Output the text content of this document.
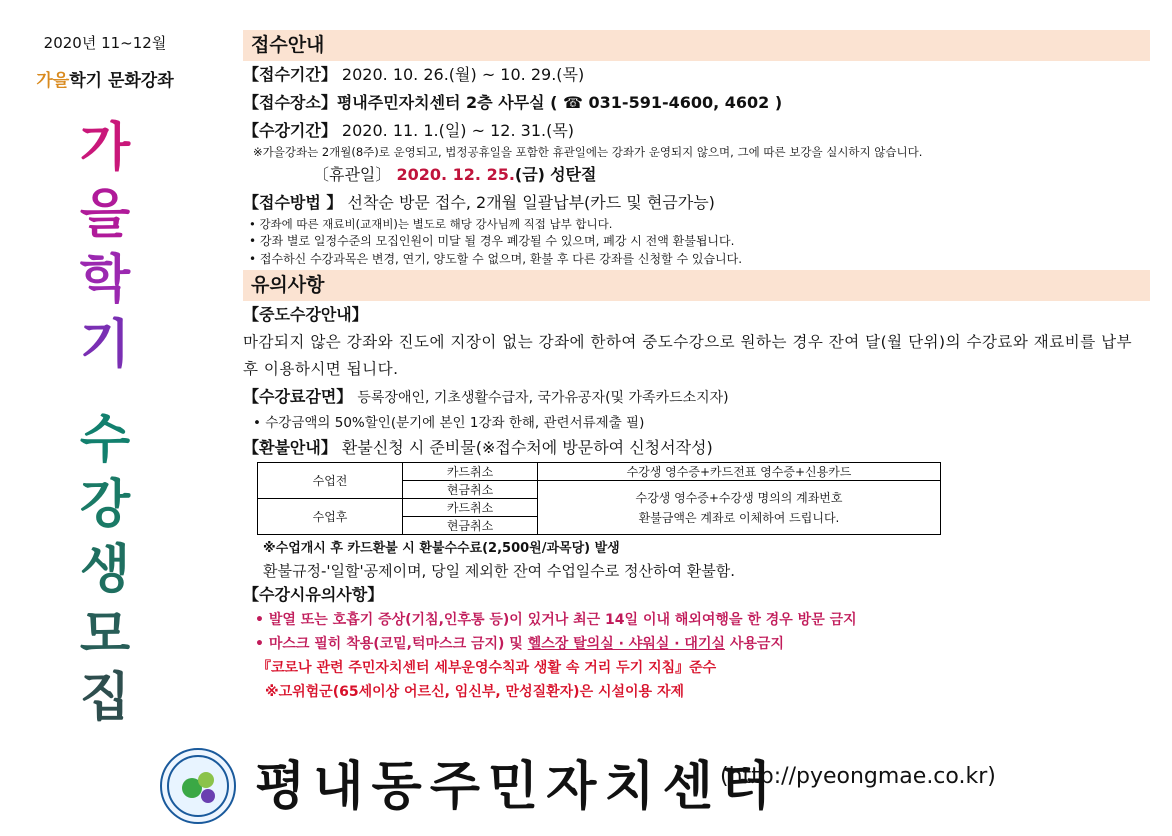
2020년 11~12월
가을학기 문화강좌
가
을
학
기
수
강
생
모
집
접수안내
【접수기간】 2020. 10. 26.(월) ~ 10. 29.(목)
【접수장소】평내주민자치센터 2층 사무실 ( ☎ 031-591-4600, 4602 )
【수강기간】 2020. 11. 1.(일) ~ 12. 31.(목)
※가을강좌는 2개월(8주)로 운영되고, 법정공휴일을 포함한 휴관일에는 강좌가 운영되지 않으며, 그에 따른 보강을 실시하지 않습니다.
〔휴관일〕 2020. 12. 25.(금) 성탄절
【접수방법 】 선착순 방문 접수, 2개월 일괄납부(카드 및 현금가능)
• 강좌에 따른 재료비(교재비)는 별도로 해당 강사님께 직접 납부 합니다.
• 강좌 별로 일정수준의 모집인원이 미달 될 경우 폐강될 수 있으며, 폐강 시 전액 환불됩니다.
• 접수하신 수강과목은 변경, 연기, 양도할 수 없으며, 환불 후 다른 강좌를 신청할 수 있습니다.
유의사항
【중도수강안내】
마감되지 않은 강좌와 진도에 지장이 없는 강좌에 한하여 중도수강으로 원하는 경우 잔여 달(월 단위)의 수강료와 재료비를 납부 후 이용하시면 됩니다.
【수강료감면】 등록장애인, 기초생활수급자, 국가유공자(및 가족카드소지자)
• 수강금액의 50%할인(분기에 본인 1강좌 한해, 관련서류제출 필)
【환불안내】 환불신청 시 준비물(※접수처에 방문하여 신청서작성)
수업전	카드취소	수강생 영수증+카드전표 영수증+신용카드
	현금취소	수강생 영수증+수강생 명의의 계좌번호
환불금액은 계좌로 이체하여 드립니다.

수업후	카드취소	
	현금취소	
※수업개시 후 카드환불 시 환불수수료(2,500원/과목당) 발생
환불규정-'일할'공제이며, 당일 제외한 잔여 수업일수로 정산하여 환불함.
【수강시유의사항】
• 발열 또는 호흡기 증상(기침,인후통 등)이 있거나 최근 14일 이내 해외여행을 한 경우 방문 금지
• 마스크 필히 착용(코밑,턱마스크 금지) 및 헬스장 탈의실 · 샤워실 · 대기실 사용금지
『코로나 관련 주민자치센터 세부운영수칙과 생활 속 거리 두기 지침』준수
※고위험군(65세이상 어르신, 임신부, 만성질환자)은 시설이용 자제
평내동주민자치센터
(http://pyeongmae.co.kr)
